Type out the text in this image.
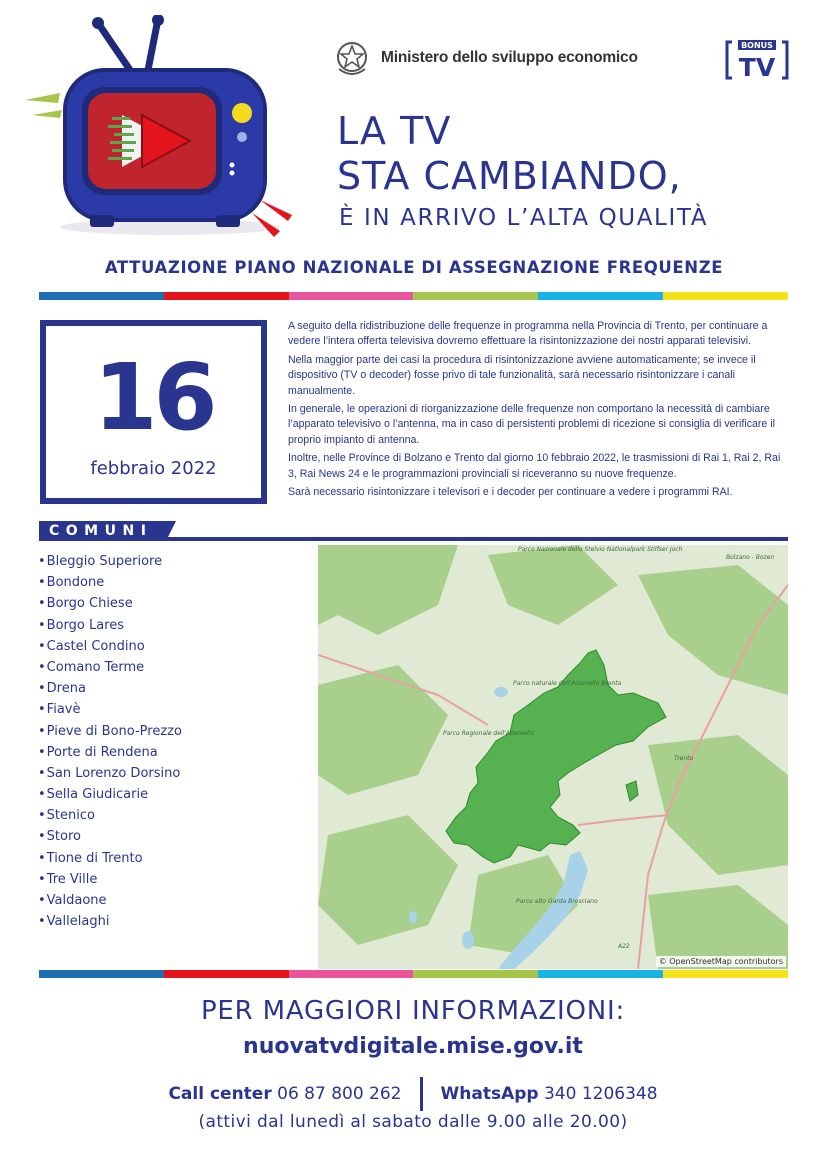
Ministero dello sviluppo economico
BONUS
TV
LA TV
STA CAMBIANDO,
È IN ARRIVO L’ALTA QUALITÀ
ATTUAZIONE PIANO NAZIONALE DI ASSEGNAZIONE FREQUENZE
16
febbraio 2022

A seguito della ridistribuzione delle frequenze in programma nella Provincia di Trento, per continuare a vedere l’intera offerta televisiva dovremo effettuare la risintonizzazione dei nostri apparati televisivi.

Nella maggior parte dei casi la procedura di risintonizzazione avviene automaticamente; se invece il dispositivo (TV o decoder) fosse privo di tale funzionalità, sarà necessario risintonizzare i canali manualmente.

In generale, le operazioni di riorganizzazione delle frequenze non comportano la necessità di cambiare l’apparato televisivo o l’antenna, ma in caso di persistenti problemi di ricezione si consiglia di verificare il proprio impianto di antenna.

Inoltre, nelle Province di Bolzano e Trento dal giorno 10 febbraio 2022, le trasmissioni di Rai 1, Rai 2, Rai 3, Rai News 24 e le programmazioni provinciali si riceveranno su nuove frequenze.

Sarà necessario risintonizzare i televisori e i decoder per continuare a vedere i programmi RAI.

COMUNI
• Bleggio Superiore
• Bondone
• Borgo Chiese
• Borgo Lares
• Castel Condino
• Comano Terme
• Drena
• Fiavè
• Pieve di Bono-Prezzo
• Porte di Rendena
• San Lorenzo Dorsino
• Sella Giudicarie
• Stenico
• Storo
• Tione di Trento
• Tre Ville
• Valdaone
• Vallelaghi
Parco Nazionale dello Stelvio Nationalpark Stilfser Joch
Parco naturale dell'Adamello Brenta
Parco Regionale dell'Adamello
Bolzano - Bozen
Trento
Parco alto Garda Bresciano
A22
© OpenStreetMap contributors
PER MAGGIORI INFORMAZIONI:
nuovatvdigitale.mise.gov.it
Call center 06 87 800 262 WhatsApp 340 1206348
(attivi dal lunedì al sabato dalle 9.00 alle 20.00)
